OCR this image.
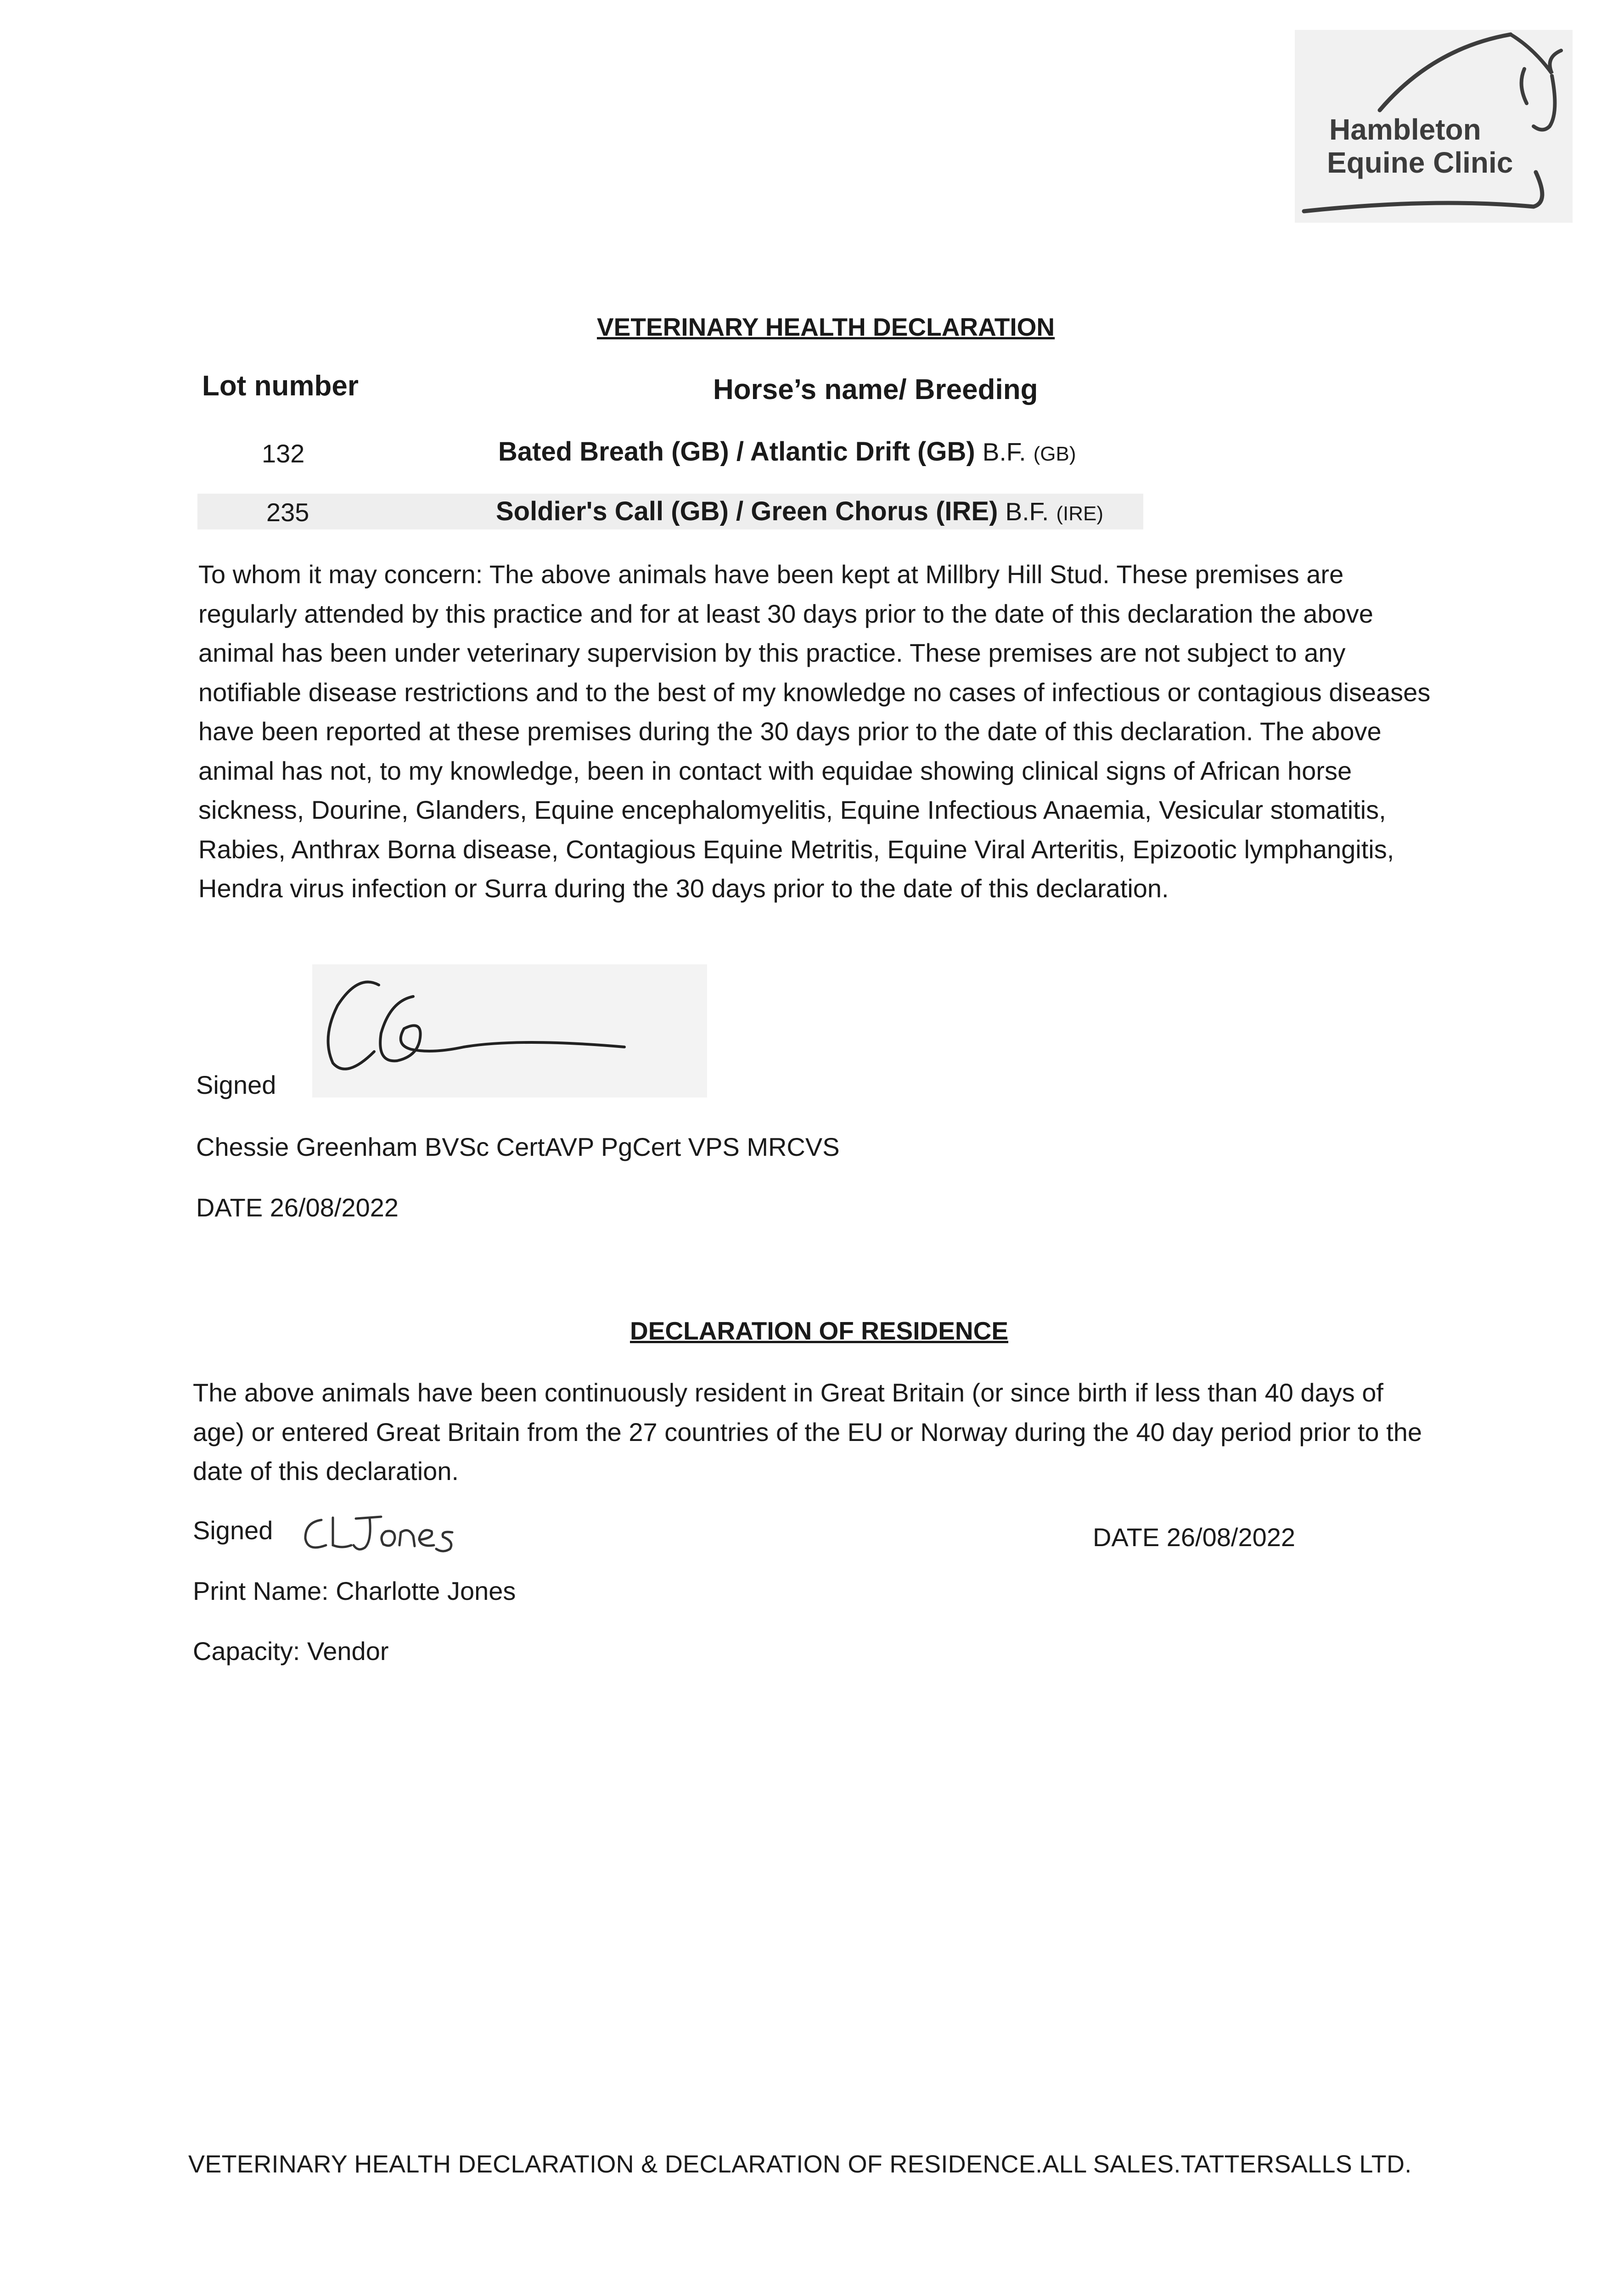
Hambleton
Equine Clinic
VETERINARY HEALTH DECLARATION
Lot number	Horse’s name/ Breeding
132	Bated Breath (GB) / Atlantic Drift (GB) B.F. (GB)
235	Soldier's Call (GB) / Green Chorus (IRE) B.F. (IRE)
To whom it may concern: The above animals have been kept at Millbry Hill Stud. These premises are regularly attended by this practice and for at least 30 days prior to the date of this declaration the above animal has been under veterinary supervision by this practice. These premises are not subject to any notifiable disease restrictions and to the best of my knowledge no cases of infectious or contagious diseases have been reported at these premises during the 30 days prior to the date of this declaration. The above animal has not, to my knowledge, been in contact with equidae showing clinical signs of African horse sickness, Dourine, Glanders, Equine encephalomyelitis, Equine Infectious Anaemia, Vesicular stomatitis, Rabies, Anthrax Borna disease, Contagious Equine Metritis, Equine Viral Arteritis, Epizootic lymphangitis, Hendra virus infection or Surra during the 30 days prior to the date of this declaration.
Signed
Chessie Greenham BVSc CertAVP PgCert VPS MRCVS
DATE 26/08/2022
DECLARATION OF RESIDENCE
The above animals have been continuously resident in Great Britain (or since birth if less than 40 days of age) or entered Great Britain from the 27 countries of the EU or Norway during the 40 day period prior to the date of this declaration.
Signed	DATE 26/08/2022
Print Name: Charlotte Jones
Capacity: Vendor
VETERINARY HEALTH DECLARATION & DECLARATION OF RESIDENCE.ALL SALES.TATTERSALLS LTD.
